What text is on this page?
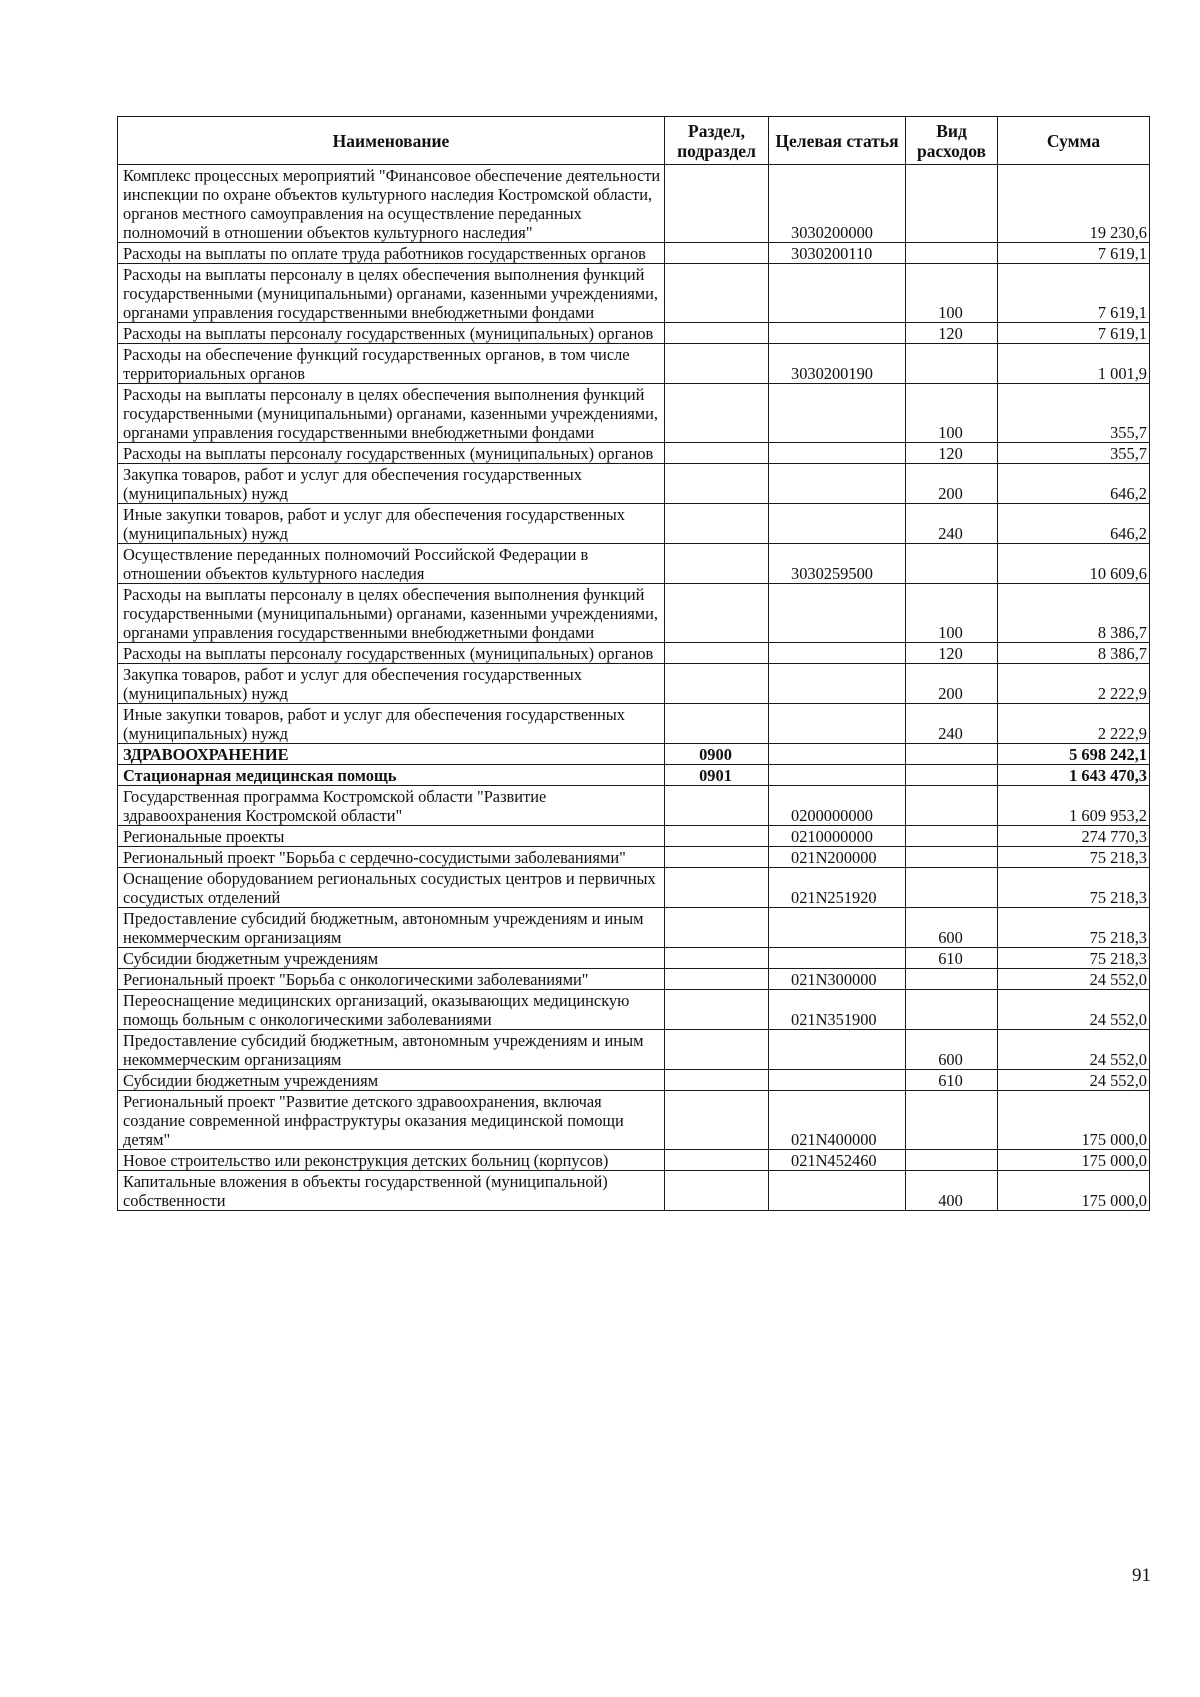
Наименование	Раздел, подраздел	Целевая статья	Вид расходов	Сумма
Комплекс процессных мероприятий "Финансовое обеспечение деятельности инспекции по охране объектов культурного наследия Костромской области, органов местного самоуправления на осуществление переданных полномочий в отношении объектов культурного наследия"		3030200000		19 230,6
Расходы на выплаты по оплате труда работников государственных органов		3030200110		7 619,1
Расходы на выплаты персоналу в целях обеспечения выполнения функций государственными (муниципальными) органами, казенными учреждениями, органами управления государственными внебюджетными фондами			100	7 619,1
Расходы на выплаты персоналу государственных (муниципальных) органов			120	7 619,1
Расходы на обеспечение функций государственных органов, в том числе территориальных органов		3030200190		1 001,9
Расходы на выплаты персоналу в целях обеспечения выполнения функций государственными (муниципальными) органами, казенными учреждениями, органами управления государственными внебюджетными фондами			100	355,7
Расходы на выплаты персоналу государственных (муниципальных) органов			120	355,7
Закупка товаров, работ и услуг для обеспечения государственных (муниципальных) нужд			200	646,2
Иные закупки товаров, работ и услуг для обеспечения государственных (муниципальных) нужд			240	646,2
Осуществление переданных полномочий Российской Федерации в отношении объектов культурного наследия		3030259500		10 609,6
Расходы на выплаты персоналу в целях обеспечения выполнения функций государственными (муниципальными) органами, казенными учреждениями, органами управления государственными внебюджетными фондами			100	8 386,7
Расходы на выплаты персоналу государственных (муниципальных) органов			120	8 386,7
Закупка товаров, работ и услуг для обеспечения государственных (муниципальных) нужд			200	2 222,9
Иные закупки товаров, работ и услуг для обеспечения государственных (муниципальных) нужд			240	2 222,9
ЗДРАВООХРАНЕНИЕ	0900			5 698 242,1
Стационарная медицинская помощь	0901			1 643 470,3
Государственная программа Костромской области "Развитие здравоохранения Костромской области"		0200000000		1 609 953,2
Региональные проекты		0210000000		274 770,3
Региональный проект "Борьба с сердечно-сосудистыми заболеваниями"		021N200000		75 218,3
Оснащение оборудованием региональных сосудистых центров и первичных сосудистых отделений		021N251920		75 218,3
Предоставление субсидий бюджетным, автономным учреждениям и иным некоммерческим организациям			600	75 218,3
Субсидии бюджетным учреждениям			610	75 218,3
Региональный проект "Борьба с онкологическими заболеваниями"		021N300000		24 552,0
Переоснащение медицинских организаций, оказывающих медицинскую помощь больным с онкологическими заболеваниями		021N351900		24 552,0
Предоставление субсидий бюджетным, автономным учреждениям и иным некоммерческим организациям			600	24 552,0
Субсидии бюджетным учреждениям			610	24 552,0
Региональный проект "Развитие детского здравоохранения, включая создание современной инфраструктуры оказания медицинской помощи детям"		021N400000		175 000,0
Новое строительство или реконструкция детских больниц (корпусов)		021N452460		175 000,0
Капитальные вложения в объекты государственной (муниципальной) собственности			400	175 000,0
91
